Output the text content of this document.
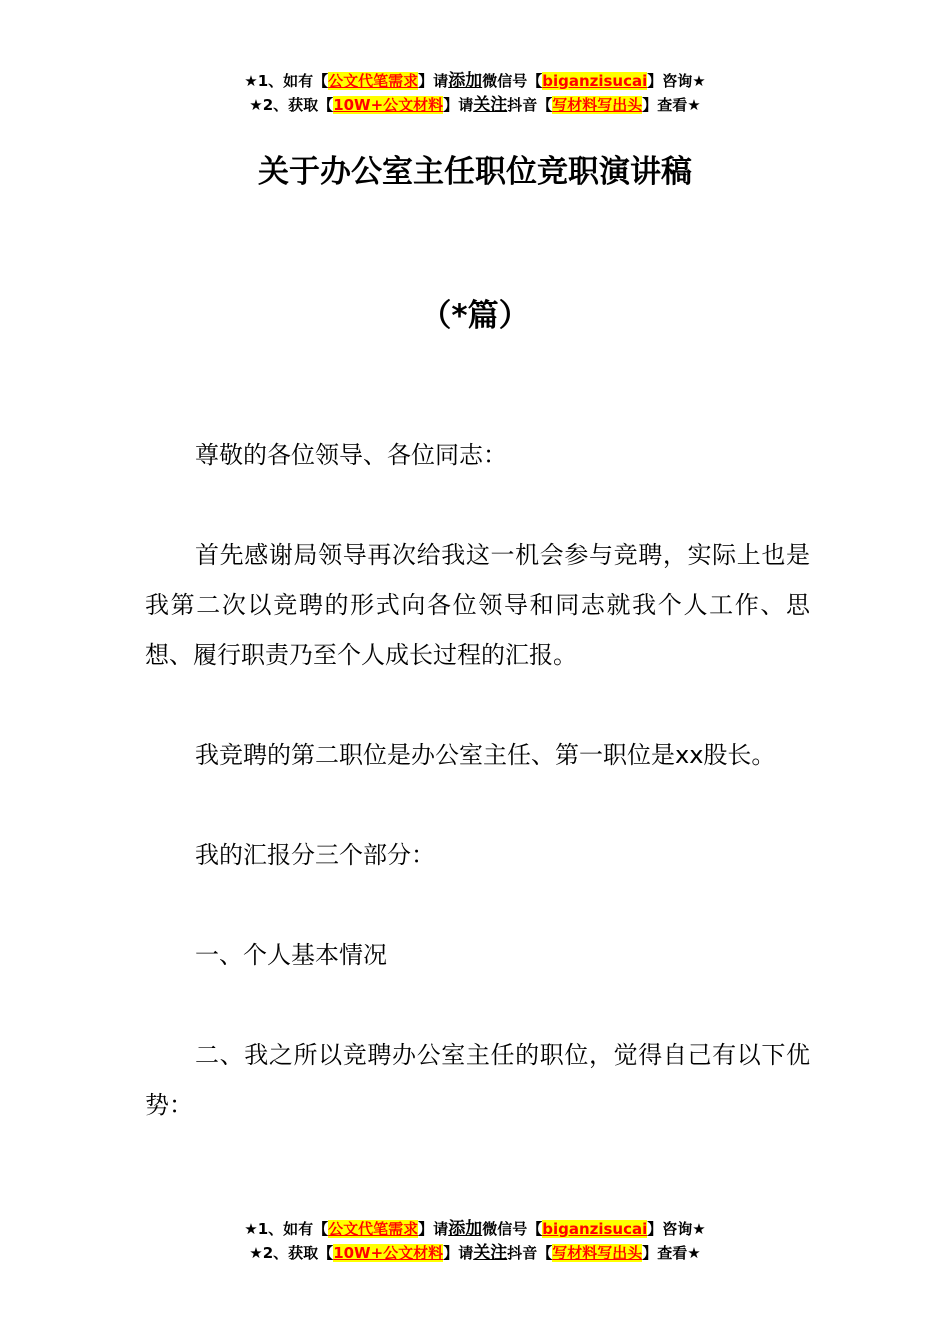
★1、如有【公文代笔需求】请添加微信号【biganzisucai】咨询★
★2、获取【10W+公文材料】请关注抖音【写材料写出头】查看★
关于办公室主任职位竞职演讲稿
（*篇）

尊敬的各位领导、各位同志：

首先感谢局领导再次给我这一机会参与竞聘，实际上也是我第二次以竞聘的形式向各位领导和同志就我个人工作、思想、履行职责乃至个人成长过程的汇报。

我竞聘的第二职位是办公室主任、第一职位是xx股长。

我的汇报分三个部分：

一、个人基本情况

二、我之所以竞聘办公室主任的职位，觉得自己有以下优势：

★1、如有【公文代笔需求】请添加微信号【biganzisucai】咨询★
★2、获取【10W+公文材料】请关注抖音【写材料写出头】查看★
